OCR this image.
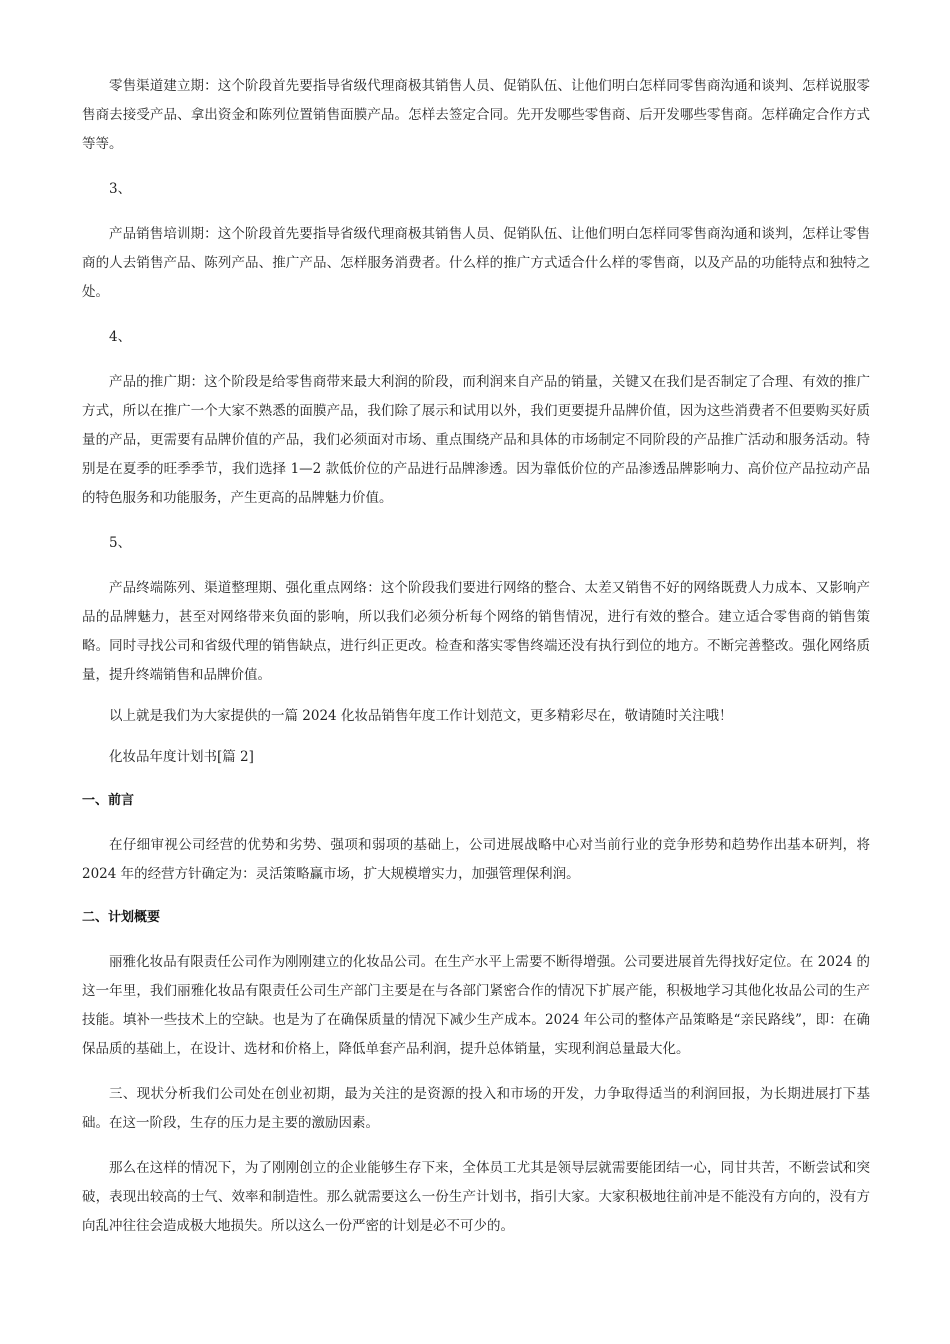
零售渠道建立期：这个阶段首先要指导省级代理商极其销售人员、促销队伍、让他们明白怎样同零售商沟通和谈判、怎样说服零售商去接受产品、拿出资金和陈列位置销售面膜产品。怎样去签定合同。先开发哪些零售商、后开发哪些零售商。怎样确定合作方式等等。

3、

产品销售培训期：这个阶段首先要指导省级代理商极其销售人员、促销队伍、让他们明白怎样同零售商沟通和谈判，怎样让零售商的人去销售产品、陈列产品、推广产品、怎样服务消费者。什么样的推广方式适合什么样的零售商，以及产品的功能特点和独特之处。

4、

产品的推广期：这个阶段是给零售商带来最大利润的阶段，而利润来自产品的销量，关键又在我们是否制定了合理、有效的推广方式，所以在推广一个大家不熟悉的面膜产品，我们除了展示和试用以外，我们更要提升品牌价值，因为这些消费者不但要购买好质量的产品，更需要有品牌价值的产品，我们必须面对市场、重点围绕产品和具体的市场制定不同阶段的产品推广活动和服务活动。特别是在夏季的旺季季节，我们选择 1—2 款低价位的产品进行品牌渗透。因为靠低价位的产品渗透品牌影响力、高价位产品拉动产品的特色服务和功能服务，产生更高的品牌魅力价值。

5、

产品终端陈列、渠道整理期、强化重点网络：这个阶段我们要进行网络的整合、太差又销售不好的网络既费人力成本、又影响产品的品牌魅力，甚至对网络带来负面的影响，所以我们必须分析每个网络的销售情况，进行有效的整合。建立适合零售商的销售策略。同时寻找公司和省级代理的销售缺点，进行纠正更改。检查和落实零售终端还没有执行到位的地方。不断完善整改。强化网络质量，提升终端销售和品牌价值。

以上就是我们为大家提供的一篇 2024 化妆品销售年度工作计划范文，更多精彩尽在，敬请随时关注哦！

化妆品年度计划书[篇 2]

一、前言

在仔细审视公司经营的优势和劣势、强项和弱项的基础上，公司进展战略中心对当前行业的竞争形势和趋势作出基本研判，将 2024 年的经营方针确定为：灵活策略赢市场，扩大规模增实力，加强管理保利润。

二、计划概要

丽雅化妆品有限责任公司作为刚刚建立的化妆品公司。在生产水平上需要不断得增强。公司要进展首先得找好定位。在 2024 的这一年里，我们丽雅化妆品有限责任公司生产部门主要是在与各部门紧密合作的情况下扩展产能，积极地学习其他化妆品公司的生产技能。填补一些技术上的空缺。也是为了在确保质量的情况下减少生产成本。2024 年公司的整体产品策略是“亲民路线”，即：在确保品质的基础上，在设计、选材和价格上，降低单套产品利润，提升总体销量，实现利润总量最大化。

三、现状分析我们公司处在创业初期，最为关注的是资源的投入和市场的开发，力争取得适当的利润回报，为长期进展打下基础。在这一阶段，生存的压力是主要的激励因素。

那么在这样的情况下，为了刚刚创立的企业能够生存下来，全体员工尤其是领导层就需要能团结一心，同甘共苦，不断尝试和突破，表现出较高的士气、效率和制造性。那么就需要这么一份生产计划书，指引大家。大家积极地往前冲是不能没有方向的，没有方向乱冲往往会造成极大地损失。所以这么一份严密的计划是必不可少的。
